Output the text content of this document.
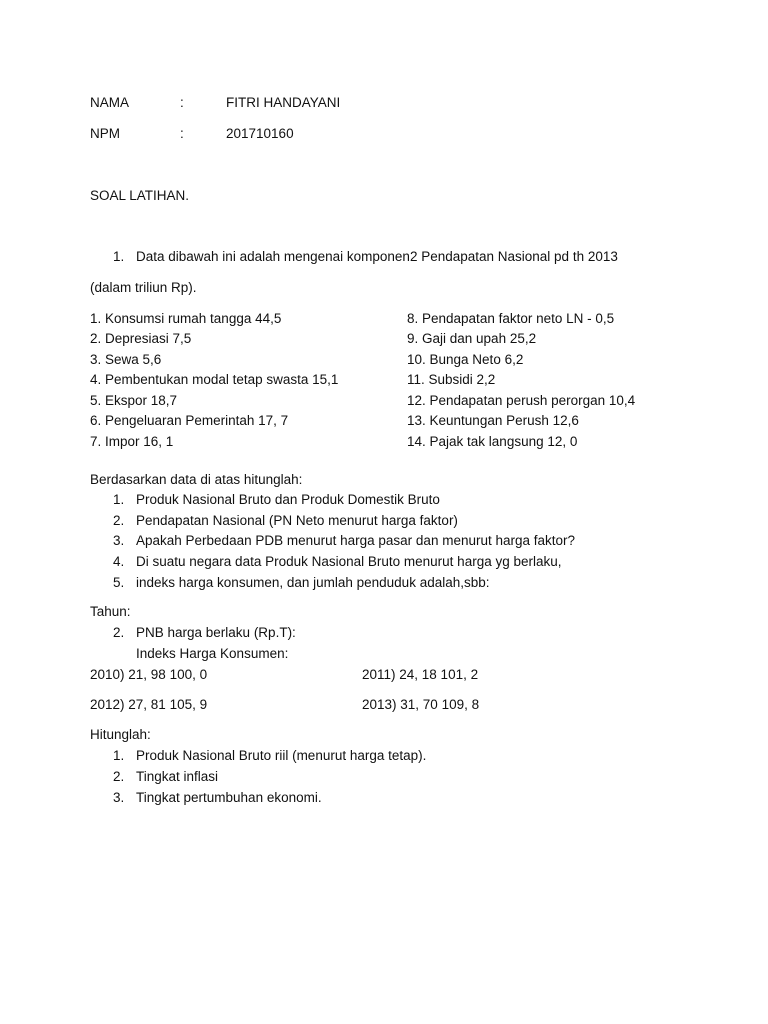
NAMA	:	FITRI HANDAYANI
NPM	:	201710160
SOAL LATIHAN.
1. Data dibawah ini adalah mengenai komponen2 Pendapatan Nasional pd th 2013
(dalam triliun Rp).
1. Konsumsi rumah tangga 44,5
2. Depresiasi 7,5
3. Sewa 5,6
4. Pembentukan modal tetap swasta 15,1
5. Ekspor 18,7
6. Pengeluaran Pemerintah 17, 7
7. Impor 16, 1
8. Pendapatan faktor neto LN - 0,5
9. Gaji dan upah 25,2
10. Bunga Neto 6,2
11. Subsidi 2,2
12. Pendapatan perush perorgan 10,4
13. Keuntungan Perush 12,6
14. Pajak tak langsung 12, 0
Berdasarkan data di atas hitunglah:
1. Produk Nasional Bruto dan Produk Domestik Bruto
2. Pendapatan Nasional (PN Neto menurut harga faktor)
3. Apakah Perbedaan PDB menurut harga pasar dan menurut harga faktor?
4. Di suatu negara data Produk Nasional Bruto menurut harga yg berlaku,
5. indeks harga konsumen, dan jumlah penduduk adalah,sbb:
Tahun:
2. PNB harga berlaku (Rp.T):
Indeks Harga Konsumen:
2010) 21, 98 100, 0	2011) 24, 18 101, 2
2012) 27, 81 105, 9	2013) 31, 70 109, 8
Hitunglah:
1. Produk Nasional Bruto riil (menurut harga tetap).
2. Tingkat inflasi
3. Tingkat pertumbuhan ekonomi.
